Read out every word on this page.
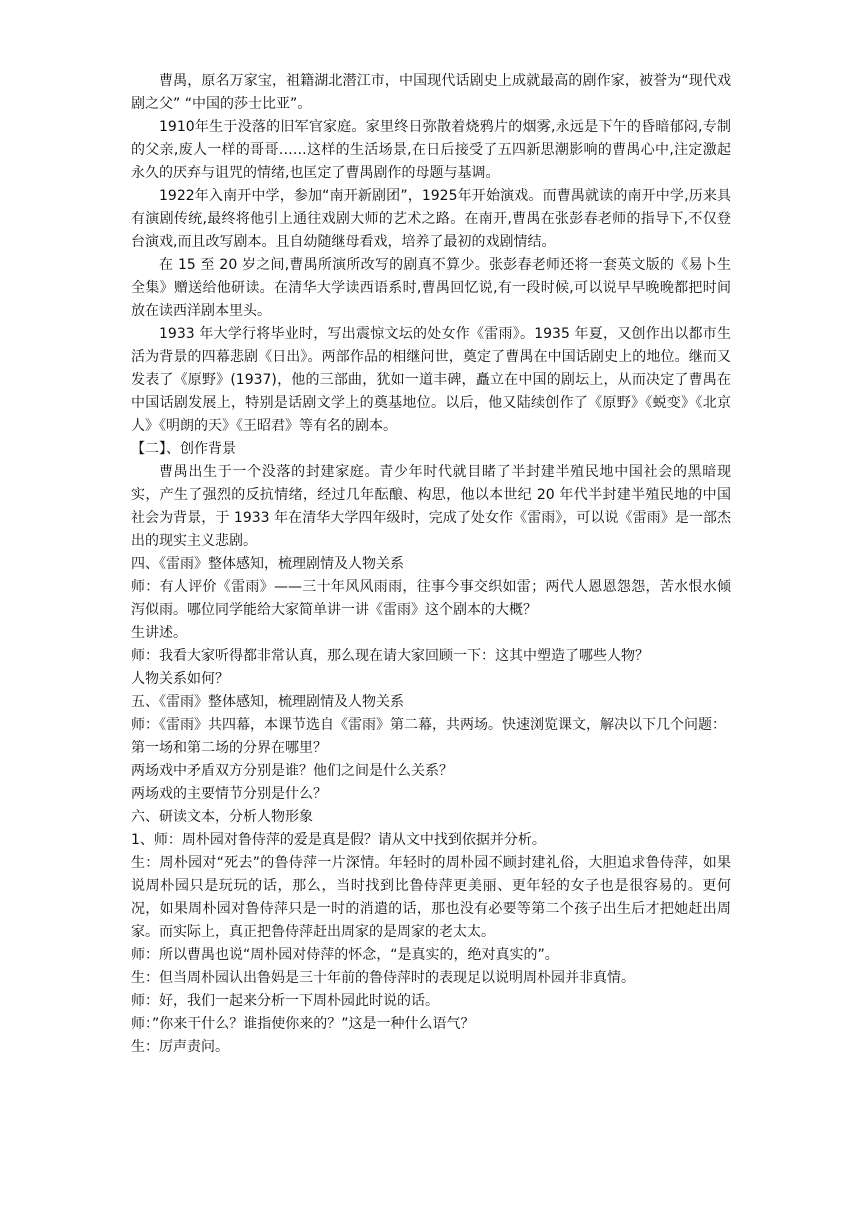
曹禺，原名万家宝，祖籍湖北潜江市，中国现代话剧史上成就最高的剧作家，被誉为“现代戏剧之父” “中国的莎士比亚”。

1910年生于没落的旧军官家庭。家里终日弥散着烧鸦片的烟雾,永远是下午的昏暗郁闷,专制的父亲,废人一样的哥哥……这样的生活场景,在日后接受了五四新思潮影响的曹禺心中,注定激起永久的厌弃与诅咒的情绪,也匡定了曹禺剧作的母题与基调。

1922年入南开中学，参加“南开新剧团”，1925年开始演戏。而曹禺就读的南开中学,历来具有演剧传统,最终将他引上通往戏剧大师的艺术之路。在南开,曹禺在张彭春老师的指导下,不仅登台演戏,而且改写剧本。且自幼随继母看戏，培养了最初的戏剧情结。

在 15 至 20 岁之间,曹禺所演所改写的剧真不算少。张彭春老师还将一套英文版的《易卜生全集》赠送给他研读。在清华大学读西语系时,曹禺回忆说,有一段时候,可以说早早晚晚都把时间放在读西洋剧本里头。

1933 年大学行将毕业时，写出震惊文坛的处女作《雷雨》。1935 年夏，又创作出以都市生活为背景的四幕悲剧《日出》。两部作品的相继问世，奠定了曹禺在中国话剧史上的地位。继而又发表了《原野》(1937)，他的三部曲，犹如一道丰碑，矗立在中国的剧坛上，从而决定了曹禺在中国话剧发展上，特别是话剧文学上的奠基地位。以后，他又陆续创作了《原野》《蜕变》《北京人》《明朗的天》《王昭君》等有名的剧本。

【二】、创作背景

曹禺出生于一个没落的封建家庭。青少年时代就目睹了半封建半殖民地中国社会的黑暗现实，产生了强烈的反抗情绪，经过几年酝酿、构思，他以本世纪 20 年代半封建半殖民地的中国社会为背景，于 1933 年在清华大学四年级时，完成了处女作《雷雨》，可以说《雷雨》是一部杰出的现实主义悲剧。

四、《雷雨》整体感知，梳理剧情及人物关系

师：有人评价《雷雨》——三十年风风雨雨，往事今事交织如雷；两代人恩恩怨怨，苦水恨水倾泻似雨。哪位同学能给大家简单讲一讲《雷雨》这个剧本的大概？

生讲述。

师：我看大家听得都非常认真，那么现在请大家回顾一下：这其中塑造了哪些人物？

人物关系如何？

五、《雷雨》整体感知，梳理剧情及人物关系

师：《雷雨》共四幕，本课节选自《雷雨》第二幕，共两场。快速浏览课文，解决以下几个问题：

第一场和第二场的分界在哪里？

两场戏中矛盾双方分别是谁？他们之间是什么关系？

两场戏的主要情节分别是什么？

六、研读文本，分析人物形象

1、师：周朴园对鲁侍萍的爱是真是假？请从文中找到依据并分析。

生：周朴园对“死去”的鲁侍萍一片深情。年轻时的周朴园不顾封建礼俗，大胆追求鲁侍萍，如果说周朴园只是玩玩的话，那么，当时找到比鲁侍萍更美丽、更年轻的女子也是很容易的。更何况，如果周朴园对鲁侍萍只是一时的消遣的话，那也没有必要等第二个孩子出生后才把她赶出周家。而实际上，真正把鲁侍萍赶出周家的是周家的老太太。

师：所以曹禺也说“周朴园对侍萍的怀念，“是真实的，绝对真实的”。

生：但当周朴园认出鲁妈是三十年前的鲁侍萍时的表现足以说明周朴园并非真情。

师：好，我们一起来分析一下周朴园此时说的话。

师：”你来干什么？谁指使你来的？”这是一种什么语气？

生：厉声责问。
